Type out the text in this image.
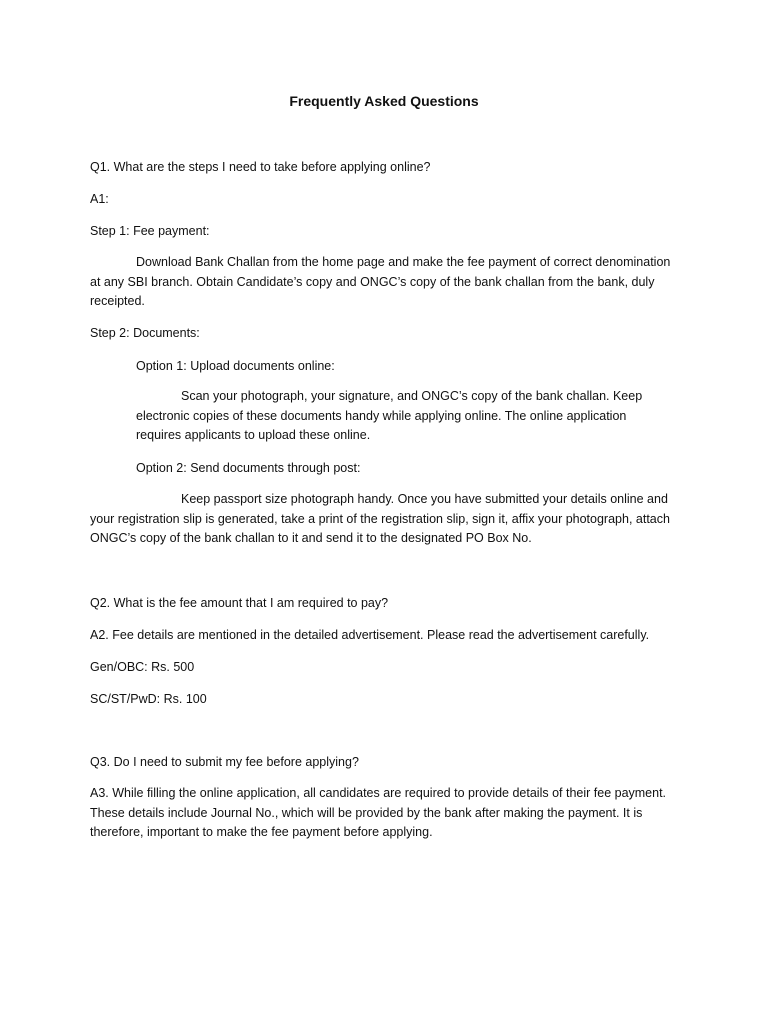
Frequently Asked Questions
Q1. What are the steps I need to take before applying online?
A1:
Step 1: Fee payment:
Download Bank Challan from the home page and make the fee payment of correct denomination at any SBI branch. Obtain Candidate’s copy and ONGC’s copy of the bank challan from the bank, duly receipted.
Step 2: Documents:
Option 1: Upload documents online:
Scan your photograph, your signature, and ONGC’s copy of the bank challan. Keep electronic copies of these documents handy while applying online. The online application requires applicants to upload these online.
Option 2: Send documents through post:
Keep passport size photograph handy. Once you have submitted your details online and your registration slip is generated, take a print of the registration slip, sign it, affix your photograph, attach ONGC’s copy of the bank challan to it and send it to the designated PO Box No.
Q2. What is the fee amount that I am required to pay?
A2. Fee details are mentioned in the detailed advertisement. Please read the advertisement carefully.
Gen/OBC: Rs. 500
SC/ST/PwD: Rs. 100
Q3. Do I need to submit my fee before applying?
A3. While filling the online application, all candidates are required to provide details of their fee payment. These details include Journal No., which will be provided by the bank after making the payment. It is therefore, important to make the fee payment before applying.
